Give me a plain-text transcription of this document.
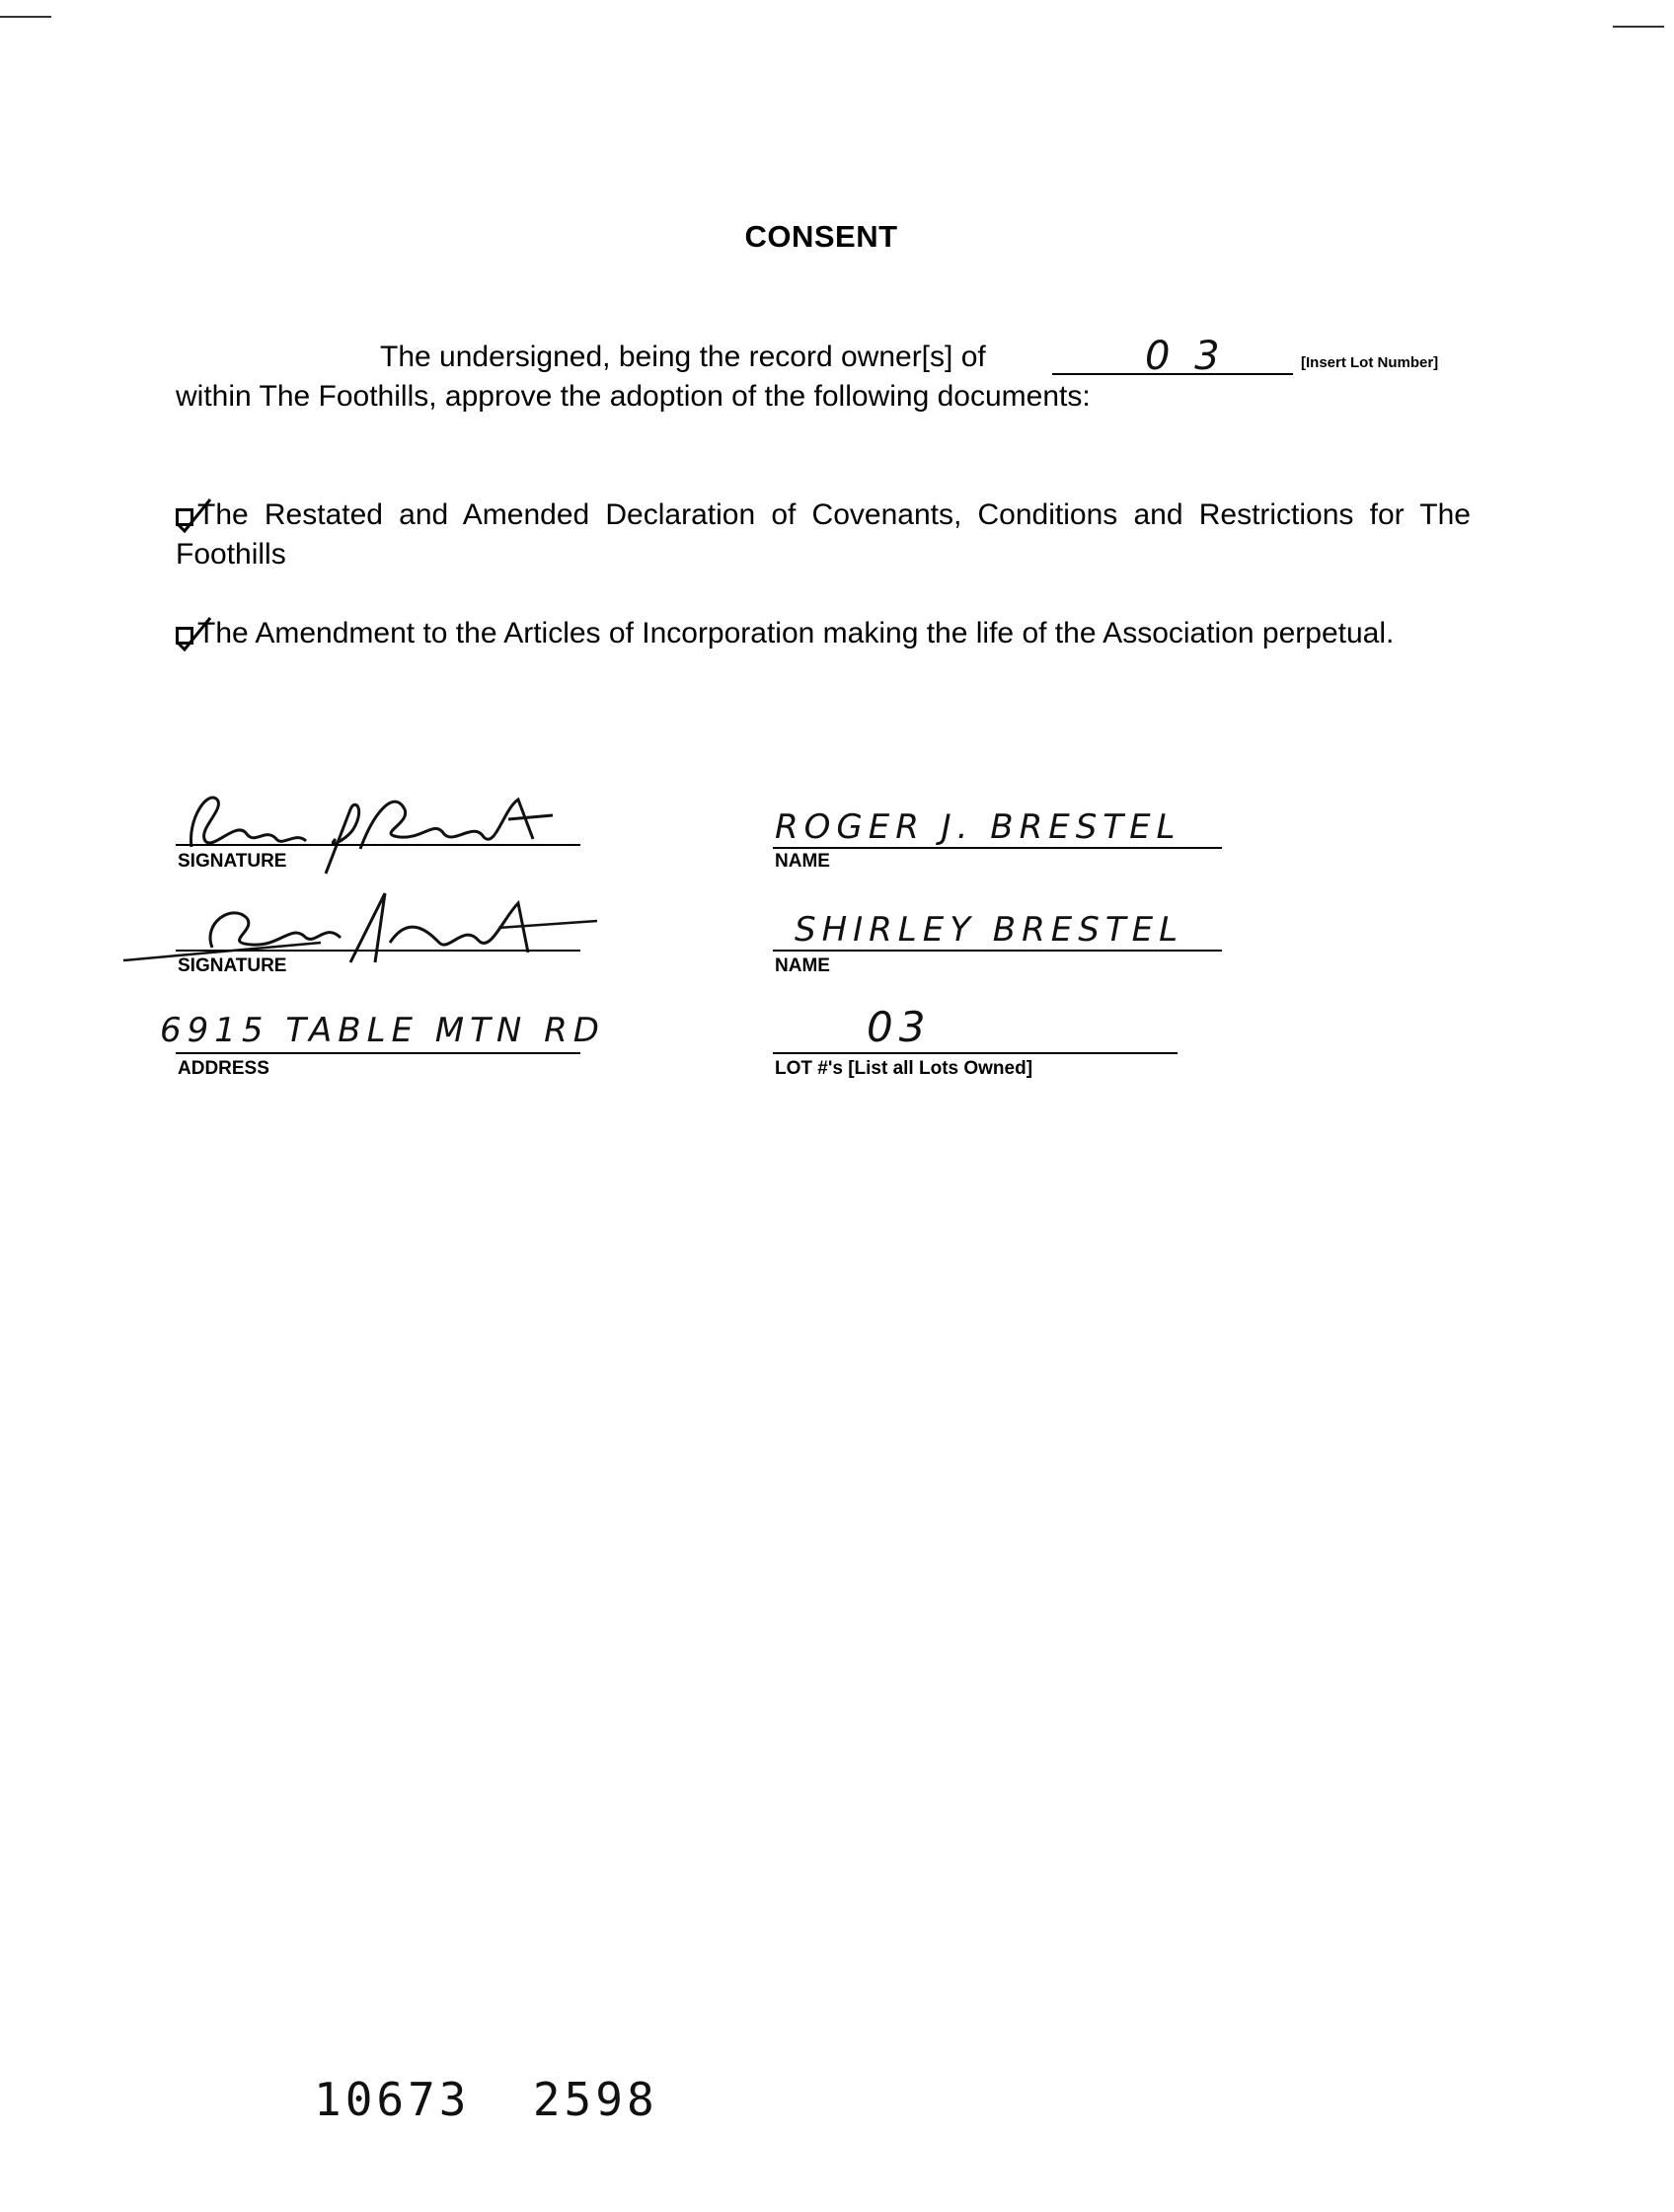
CONSENT
The undersigned, being the record owner[s] of	0 3	[Insert Lot Number]
within The Foothills, approve the adoption of the following documents:
The Restated and Amended Declaration of Covenants, Conditions and Restrictions for The Foothills
The Amendment to the Articles of Incorporation making the life of the Association perpetual.
SIGNATURE
ROGER J. BRESTEL
NAME
SIGNATURE
SHIRLEY BRESTEL
NAME
6915 TABLE MTN RD
ADDRESS
03
LOT #'s [List all Lots Owned]
10673  2598
